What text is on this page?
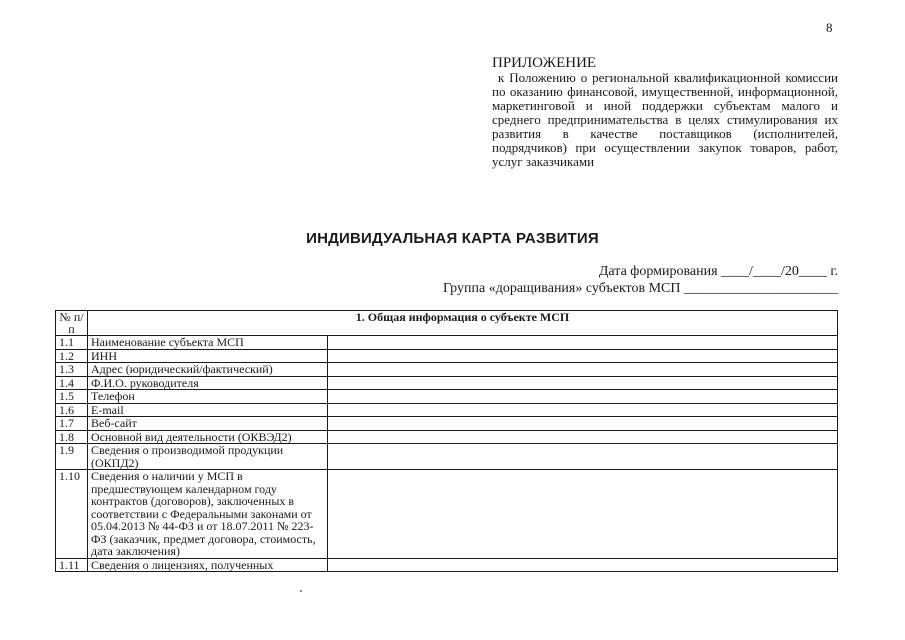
8

ПРИЛОЖЕНИЕ

к Положению о региональной квалификационной комиссии по оказанию финансовой, имущественной, информационной, маркетинговой и иной поддержки субъектам малого и среднего предпринимательства в целях стимулирования их развития в качестве поставщиков (исполнителей, подрядчиков) при осуществлении закупок товаров, работ, услуг заказчиками

ИНДИВИДУАЛЬНАЯ КАРТА РАЗВИТИЯ
Дата формирования ____/____/20____ г.
Группа «доращивания» субъектов МСП ______________________
№ п/п	1. Общая информация о субъекте МСП	
1.1	Наименование субъекта МСП	
1.2	ИНН	
1.3	Адрес (юридический/фактический)	
1.4	Ф.И.О. руководителя	
1.5	Телефон	
1.6	E-mail	
1.7	Веб-сайт	
1.8	Основной вид деятельности (ОКВЭД2)	
1.9	Сведения о производимой продукции (ОКПД2)	
1.10	Сведения о наличии у МСП в предшествующем календарном году контрактов (договоров), заключенных в соответствии с Федеральными законами от 05.04.2013 № 44-ФЗ и от 18.07.2011 № 223-ФЗ (заказчик, предмет договора, стоимость, дата заключения)	
1.11	Сведения о лицензиях, полученных	
